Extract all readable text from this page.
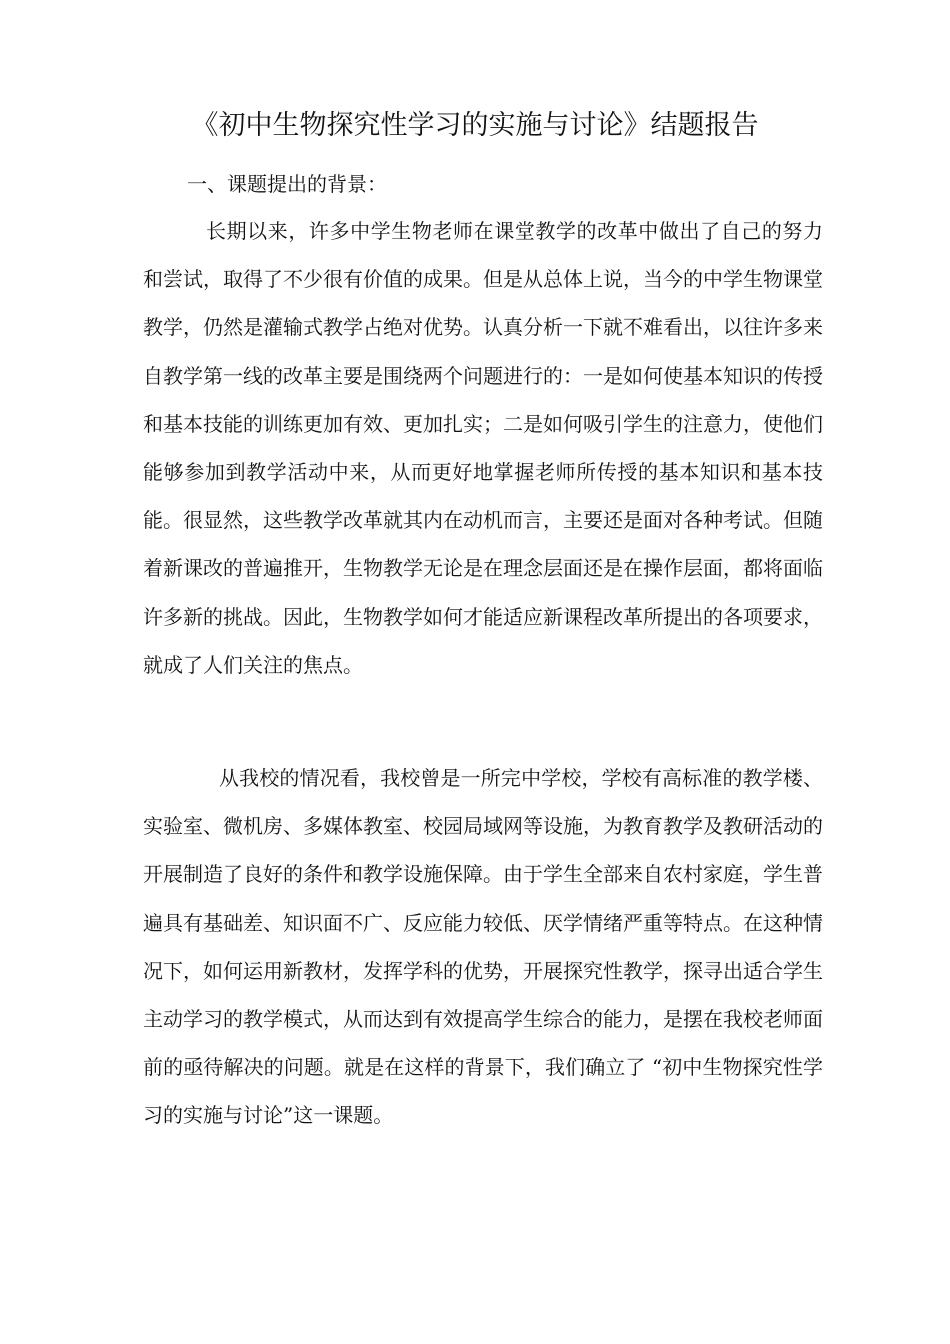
《初中生物探究性学习的实施与讨论》结题报告
一、课题提出的背景：

长期以来，许多中学生物老师在课堂教学的改革中做出了自己的努力和尝试，取得了不少很有价值的成果。但是从总体上说，当今的中学生物课堂教学，仍然是灌输式教学占绝对优势。认真分析一下就不难看出，以往许多来自教学第一线的改革主要是围绕两个问题进行的：一是如何使基本知识的传授和基本技能的训练更加有效、更加扎实；二是如何吸引学生的注意力，使他们能够参加到教学活动中来，从而更好地掌握老师所传授的基本知识和基本技能。很显然，这些教学改革就其内在动机而言，主要还是面对各种考试。但随着新课改的普遍推开，生物教学无论是在理念层面还是在操作层面，都将面临许多新的挑战。因此，生物教学如何才能适应新课程改革所提出的各项要求，就成了人们关注的焦点。

从我校的情况看，我校曾是一所完中学校，学校有高标准的教学楼、实验室、微机房、多媒体教室、校园局域网等设施，为教育教学及教研活动的开展制造了良好的条件和教学设施保障。由于学生全部来自农村家庭，学生普遍具有基础差、知识面不广、反应能力较低、厌学情绪严重等特点。在这种情况下，如何运用新教材，发挥学科的优势，开展探究性教学，探寻出适合学生主动学习的教学模式，从而达到有效提高学生综合的能力，是摆在我校老师面前的亟待解决的问题。就是在这样的背景下，我们确立了 “初中生物探究性学习的实施与讨论”这一课题。
